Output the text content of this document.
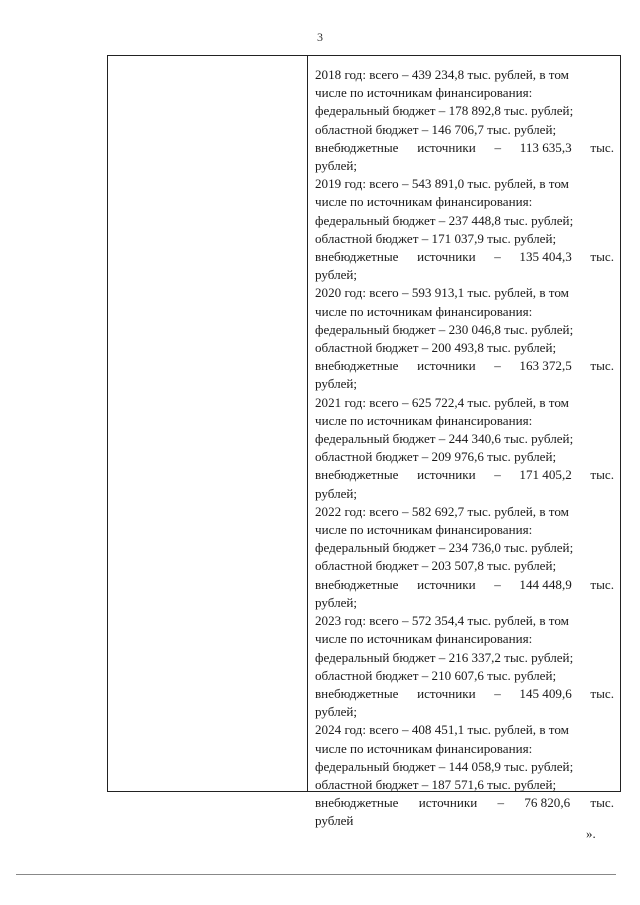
3
2018 год: всего – 439 234,8 тыс. рублей, в том
числе по источникам финансирования:
федеральный бюджет – 178 892,8 тыс. рублей;
областной бюджет – 146 706,7 тыс. рублей;
внебюджетные источники – 113 635,3 тыс.
рублей;
2019 год: всего – 543 891,0 тыс. рублей, в том
числе по источникам финансирования:
федеральный бюджет – 237 448,8 тыс. рублей;
областной бюджет – 171 037,9 тыс. рублей;
внебюджетные источники – 135 404,3 тыс.
рублей;
2020 год: всего – 593 913,1 тыс. рублей, в том
числе по источникам финансирования:
федеральный бюджет – 230 046,8 тыс. рублей;
областной бюджет – 200 493,8 тыс. рублей;
внебюджетные источники – 163 372,5 тыс.
рублей;
2021 год: всего – 625 722,4 тыс. рублей, в том
числе по источникам финансирования:
федеральный бюджет – 244 340,6 тыс. рублей;
областной бюджет – 209 976,6 тыс. рублей;
внебюджетные источники – 171 405,2 тыс.
рублей;
2022 год: всего – 582 692,7 тыс. рублей, в том
числе по источникам финансирования:
федеральный бюджет – 234 736,0 тыс. рублей;
областной бюджет – 203 507,8 тыс. рублей;
внебюджетные источники – 144 448,9 тыс.
рублей;
2023 год: всего – 572 354,4 тыс. рублей, в том
числе по источникам финансирования:
федеральный бюджет – 216 337,2 тыс. рублей;
областной бюджет – 210 607,6 тыс. рублей;
внебюджетные источники – 145 409,6 тыс.
рублей;
2024 год: всего – 408 451,1 тыс. рублей, в том
числе по источникам финансирования:
федеральный бюджет – 144 058,9 тыс. рублей;
областной бюджет – 187 571,6 тыс. рублей;
внебюджетные источники – 76 820,6 тыс.
рублей
».
